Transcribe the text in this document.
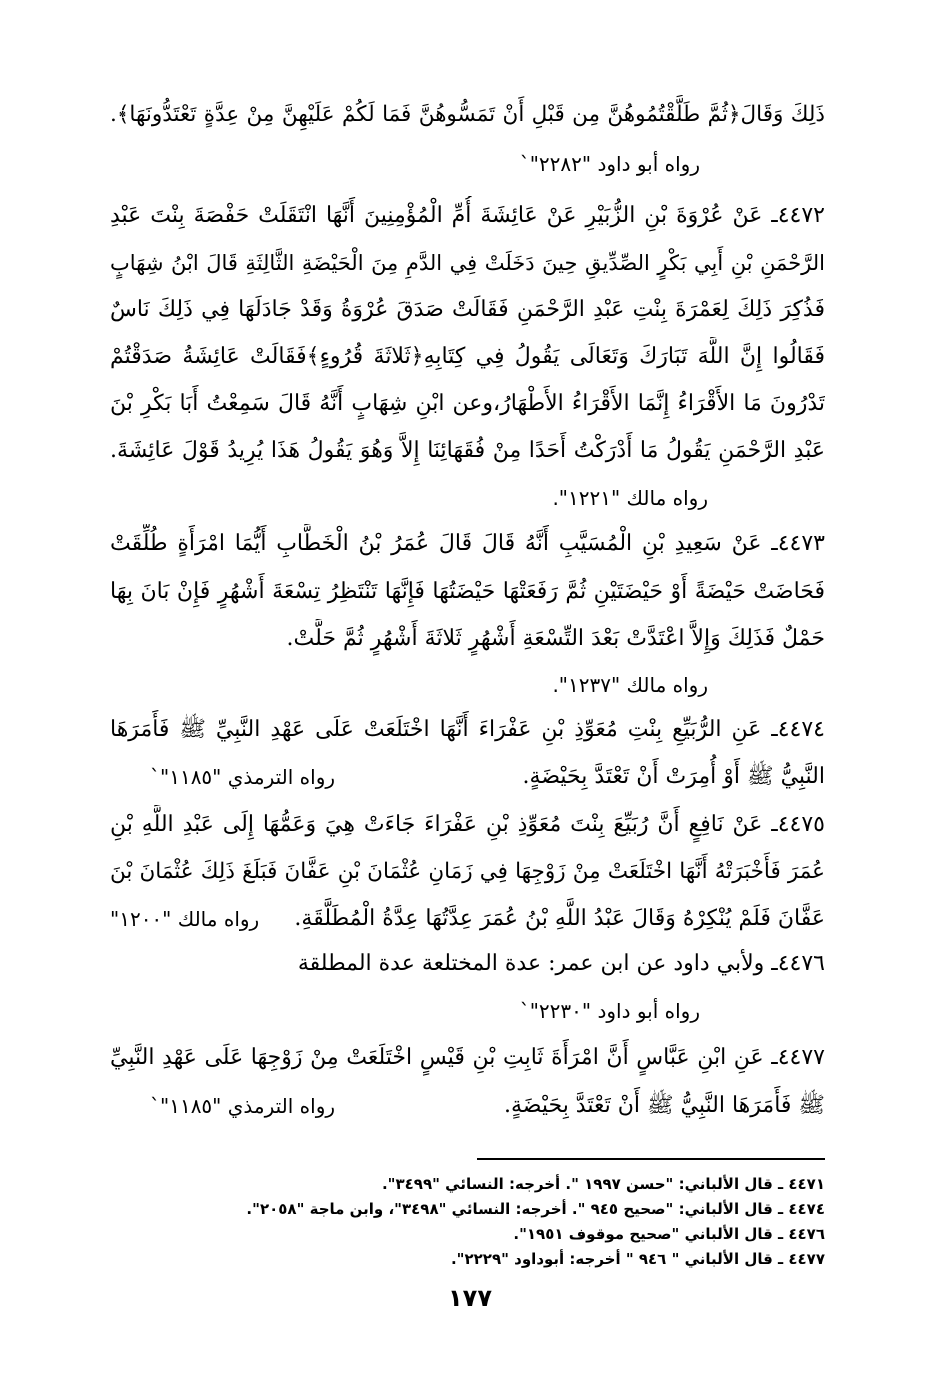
ذَلِكَ وَقَالَ﴿ثُمَّ طَلَّقْتُمُوهُنَّ مِن قَبْلِ أَنْ تَمَسُّوهُنَّ فَمَا لَكُمْ عَلَيْهِنَّ مِنْ عِدَّةٍ تَعْتَدُّونَهَا﴾.
رواه أبو داود "٢٢٨٢"`
٤٤٧٢ـ عَنْ عُرْوَةَ بْنِ الزُّبَيْرِ عَنْ عَائِشَةَ أُمِّ الْمُؤْمِنِينَ أَنَّهَا انْتَقَلَتْ حَفْصَةَ بِنْتَ عَبْدِ
الرَّحْمَنِ بْنِ أَبِي بَكْرٍ الصِّدِّيقِ حِينَ دَخَلَتْ فِي الدَّمِ مِنَ الْحَيْضَةِ الثَّالِثَةِ قَالَ ابْنُ شِهَابٍ
فَذُكِرَ ذَلِكَ لِعَمْرَةَ بِنْتِ عَبْدِ الرَّحْمَنِ فَقَالَتْ صَدَقَ عُرْوَةُ وَقَدْ جَادَلَهَا فِي ذَلِكَ نَاسٌ
فَقَالُوا إِنَّ اللَّهَ تَبَارَكَ وَتَعَالَى يَقُولُ فِي كِتَابِهِ﴿ثَلاثَةَ قُرُوءٍ﴾فَقَالَتْ عَائِشَةُ صَدَقْتُمْ
تَدْرُونَ مَا الأَقْرَاءُ إِنَّمَا الأَقْرَاءُ الأَطْهَارُ،وعن ابْنِ شِهَابٍ أَنَّهُ قَالَ سَمِعْتُ أَبَا بَكْرِ بْنَ
عَبْدِ الرَّحْمَنِ يَقُولُ مَا أَدْرَكْتُ أَحَدًا مِنْ فُقَهَائِنَا إِلاَّ وَهُوَ يَقُولُ هَذَا يُرِيدُ قَوْلَ عَائِشَةَ.
رواه مالك "١٢٢١".
٤٤٧٣ـ عَنْ سَعِيدِ بْنِ الْمُسَيَّبِ أَنَّهُ قَالَ قَالَ عُمَرُ بْنُ الْخَطَّابِ أَيُّمَا امْرَأَةٍ طُلِّقَتْ
فَحَاضَتْ حَيْضَةً أَوْ حَيْضَتَيْنِ ثُمَّ رَفَعَتْهَا حَيْضَتُهَا فَإِنَّهَا تَنْتَظِرُ تِسْعَةَ أَشْهُرٍ فَإِنْ بَانَ بِهَا
حَمْلٌ فَذَلِكَ وَإِلاَّ اعْتَدَّتْ بَعْدَ التِّسْعَةِ أَشْهُرٍ ثَلاثَةَ أَشْهُرٍ ثُمَّ حَلَّتْ.
رواه مالك "١٢٣٧".
٤٤٧٤ـ عَنِ الرُّبَيِّعِ بِنْتِ مُعَوِّذِ بْنِ عَفْرَاءَ أَنَّهَا اخْتَلَعَتْ عَلَى عَهْدِ النَّبِيِّ ﷺ فَأَمَرَهَا
النَّبِيُّ ﷺ أَوْ أُمِرَتْ أَنْ تَعْتَدَّ بِحَيْضَةٍ.
رواه الترمذي "١١٨٥"`
٤٤٧٥ـ عَنْ نَافِعٍ أَنَّ رُبَيِّعَ بِنْتَ مُعَوِّذِ بْنِ عَفْرَاءَ جَاءَتْ هِيَ وَعَمُّهَا إِلَى عَبْدِ اللَّهِ بْنِ
عُمَرَ فَأَخْبَرَتْهُ أَنَّهَا اخْتَلَعَتْ مِنْ زَوْجِهَا فِي زَمَانِ عُثْمَانَ بْنِ عَفَّانَ فَبَلَغَ ذَلِكَ عُثْمَانَ بْنَ
عَفَّانَ فَلَمْ يُنْكِرْهُ وَقَالَ عَبْدُ اللَّهِ بْنُ عُمَرَ عِدَّتُهَا عِدَّةُ الْمُطَلَّقَةِ.
رواه مالك "١٢٠٠"
٤٤٧٦ـ ولأبي داود عن ابن عمر: عدة المختلعة عدة المطلقة
رواه أبو داود "٢٢٣٠"`
٤٤٧٧ـ عَنِ ابْنِ عَبَّاسٍ أَنَّ امْرَأَةَ ثَابِتِ بْنِ قَيْسٍ اخْتَلَعَتْ مِنْ زَوْجِهَا عَلَى عَهْدِ النَّبِيِّ
ﷺ فَأَمَرَهَا النَّبِيُّ ﷺ أَنْ تَعْتَدَّ بِحَيْضَةٍ.
رواه الترمذي "١١٨٥"`
٤٤٧١ ـ قال الألباني: "حسن ١٩٩٧ ". أخرجه: النسائي "٣٤٩٩".
٤٤٧٤ ـ قال الألباني: "صحيح ٩٤٥ ". أخرجه: النسائي "٣٤٩٨"، وابن ماجة "٢٠٥٨".
٤٤٧٦ ـ قال الألباني "صحيح موقوف ١٩٥١".
٤٤٧٧ ـ قال الألباني " ٩٤٦ " أخرجه: أبوداود "٢٢٢٩".
١٧٧
